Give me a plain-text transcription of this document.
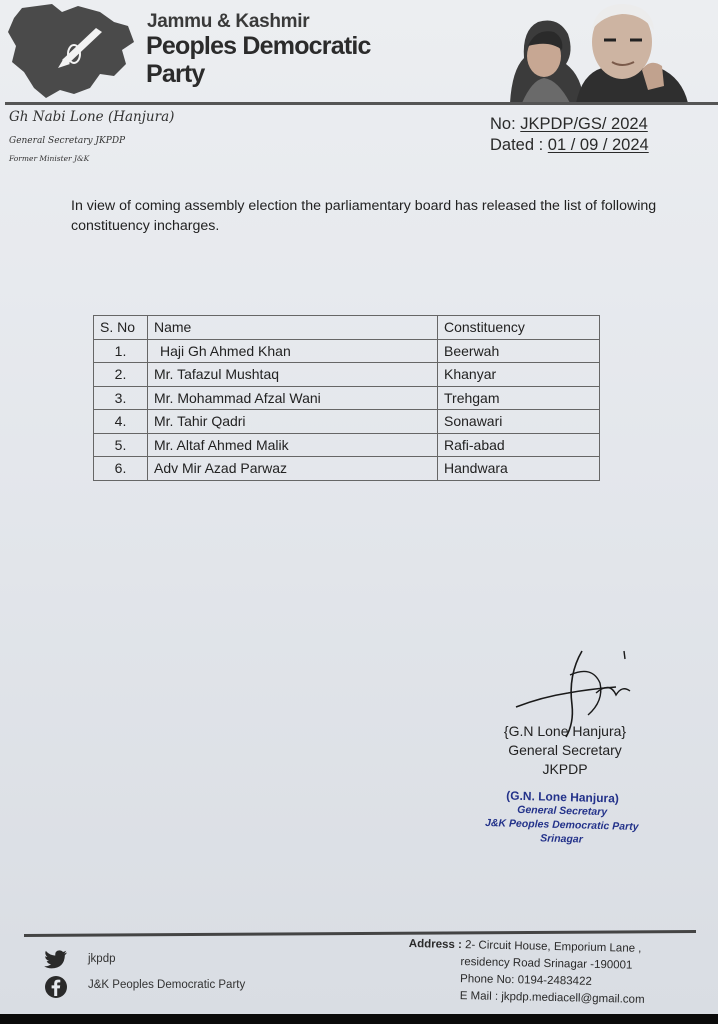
Jammu & Kashmir
Peoples Democratic
Party
Gh Nabi Lone (Hanjura)
General Secretary JKPDP
Former Minister J&K
No: JKPDP/GS/ 2024
Dated : 01 / 09 / 2024
In view of coming assembly election the parliamentary board has released the list of following constituency incharges.
S. No	Name	Constituency
1.	Haji Gh Ahmed Khan	Beerwah
2.	Mr. Tafazul Mushtaq	Khanyar
3.	Mr. Mohammad Afzal Wani	Trehgam
4.	Mr. Tahir Qadri	Sonawari
5.	Mr. Altaf Ahmed Malik	Rafi-abad
6.	Adv Mir Azad Parwaz	Handwara
{G.N Lone Hanjura}
General Secretary
JKPDP
(G.N. Lone Hanjura)
General Secretary
J&K Peoples Democratic Party
Srinagar
jkpdp
J&K Peoples Democratic Party
Address : 2- Circuit House, Emporium Lane ,
residency Road Srinagar -190001
Phone No: 0194-2483422
E Mail : jkpdp.mediacell@gmail.com
